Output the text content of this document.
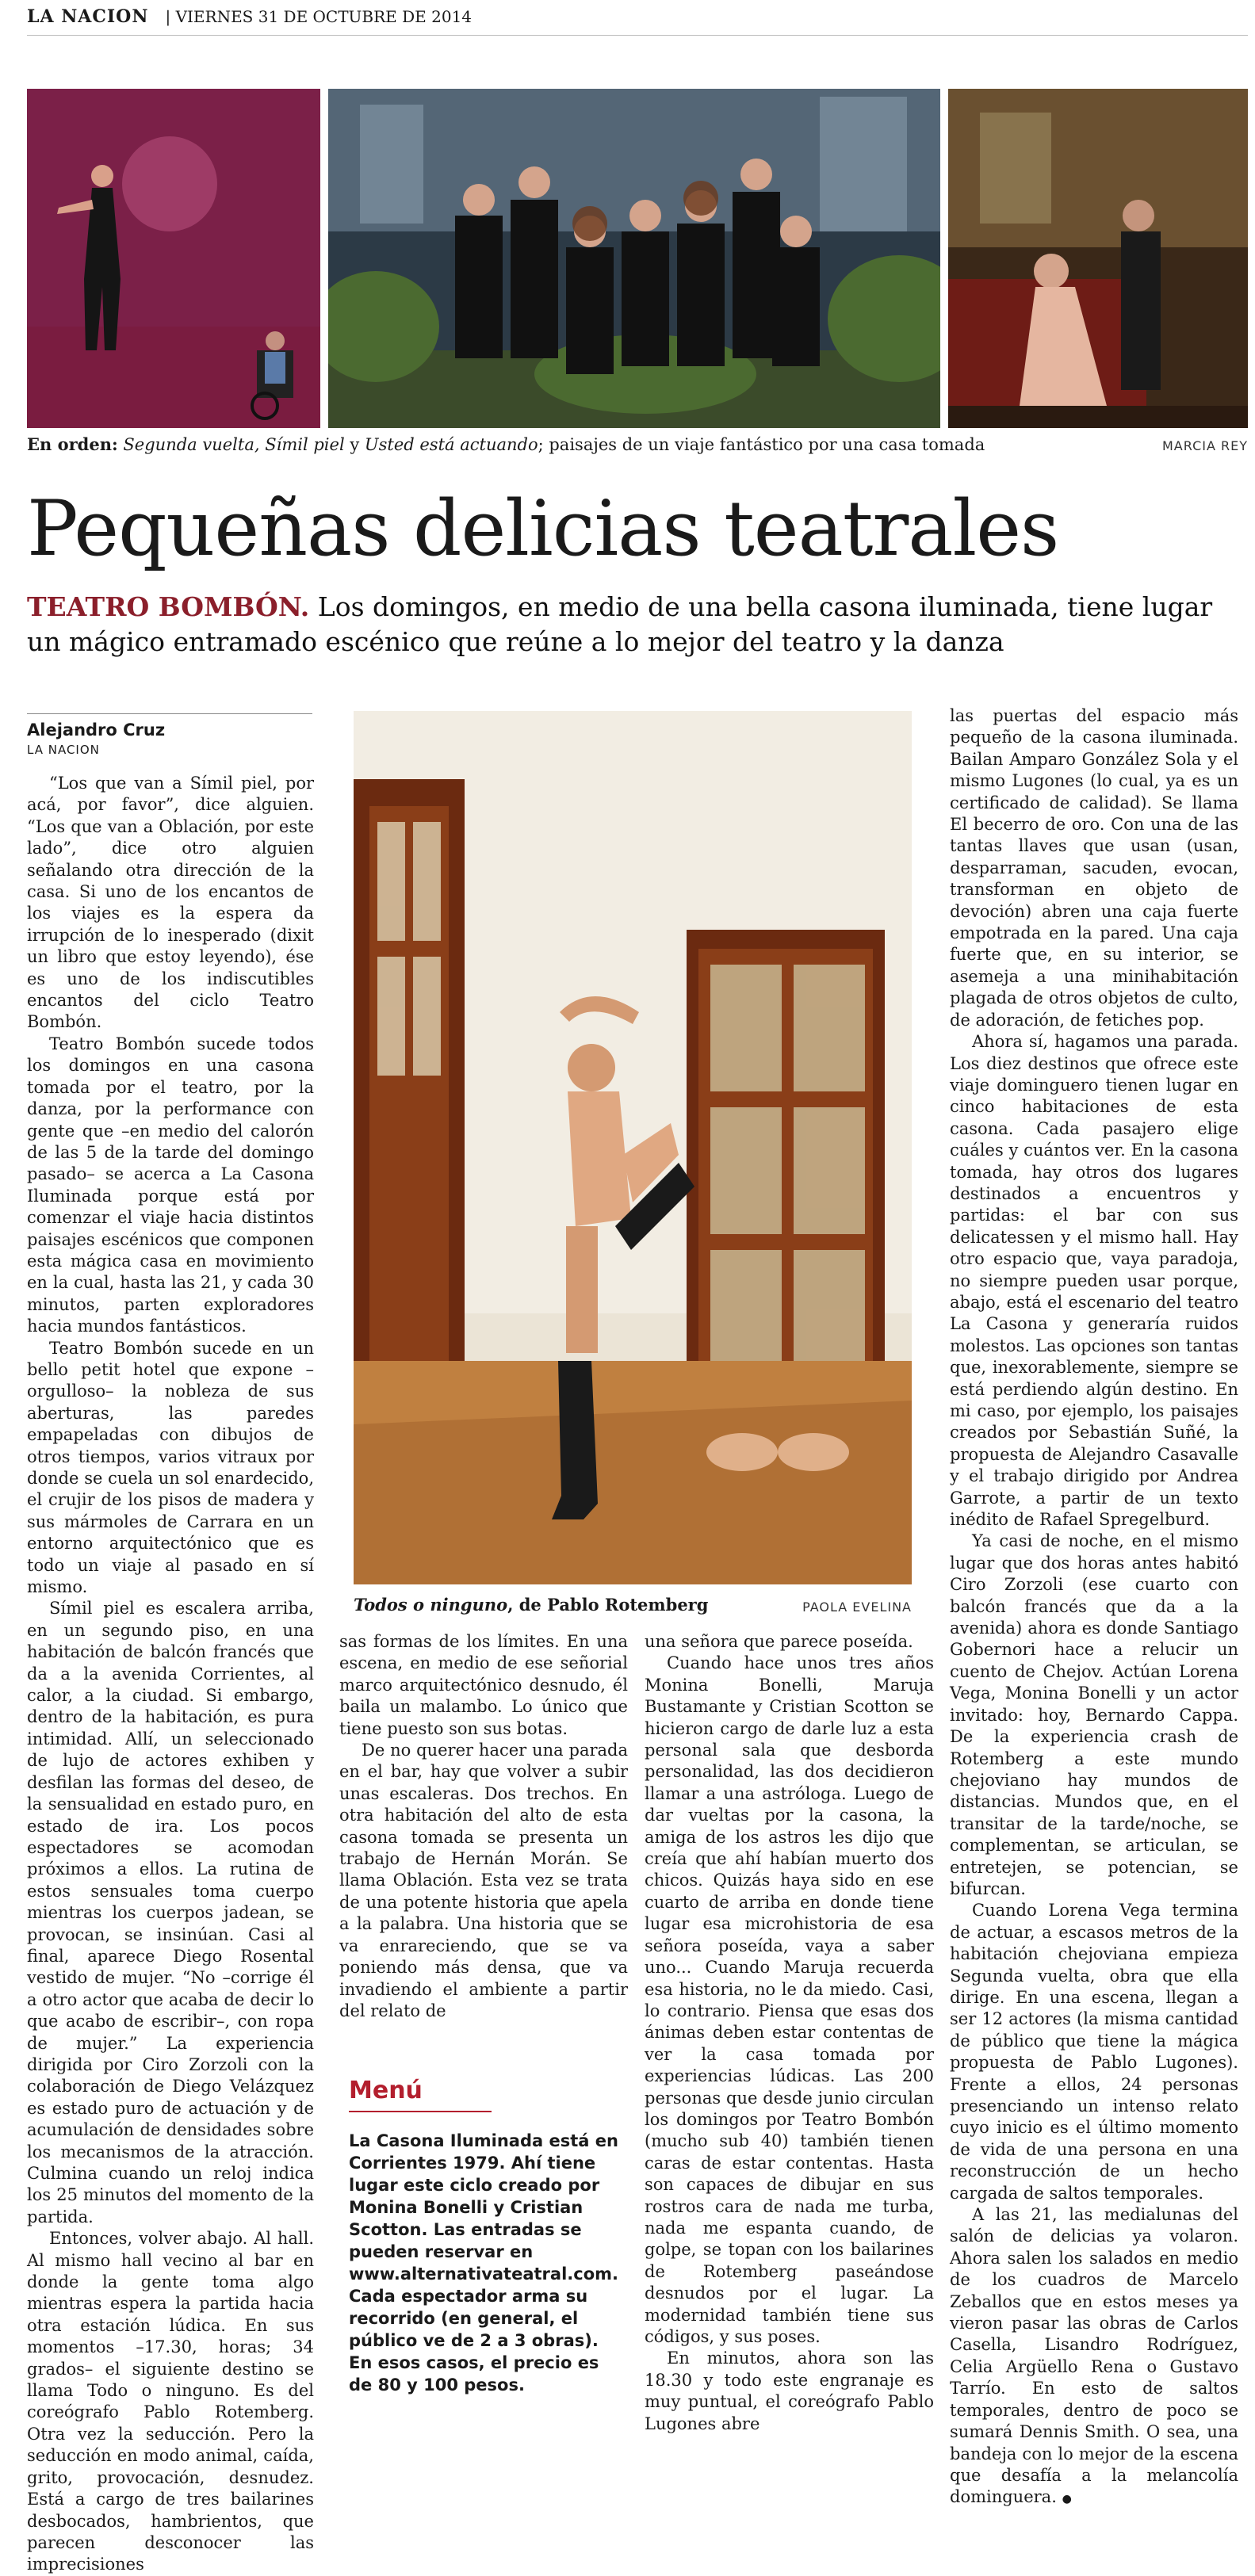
LA NACION | VIERNES 31 DE OCTUBRE DE 2014
En orden: Segunda vuelta, Símil piel y Usted está actuando; paisajes de un viaje fantástico por una casa tomada	MARCIA REY
Pequeñas delicias teatrales
TEATRO BOMBÓN. Los domingos, en medio de una bella casona iluminada, tiene lugar un mágico entramado escénico que reúne a lo mejor del teatro y la danza
Alejandro Cruz
LA NACION

“Los que van a Símil piel, por acá, por favor”, dice alguien. “Los que van a Oblación, por este lado”, dice otro alguien señalando otra dirección de la casa. Si uno de los encantos de los viajes es la espera da irrupción de lo inesperado (dixit un libro que estoy leyendo), ése es uno de los indiscutibles encantos del ciclo Teatro Bombón.

Teatro Bombón sucede todos los domingos en una casona tomada por el teatro, por la danza, por la performance con gente que –en medio del calorón de las 5 de la tarde del domingo pasado– se acerca a La Casona Iluminada porque está por comenzar el viaje hacia distintos paisajes escénicos que componen esta mágica casa en movimiento en la cual, hasta las 21, y cada 30 minutos, parten exploradores hacia mundos fantásticos.

Teatro Bombón sucede en un bello petit hotel que expone –orgulloso– la nobleza de sus aberturas, las paredes empapeladas con dibujos de otros tiempos, varios vitraux por donde se cuela un sol enardecido, el crujir de los pisos de madera y sus mármoles de Carrara en un entorno arquitectónico que es todo un viaje al pasado en sí mismo.

Símil piel es escalera arriba, en un segundo piso, en una habitación de balcón francés que da a la avenida Corrientes, al calor, a la ciudad. Si embargo, dentro de la habitación, es pura intimidad. Allí, un seleccionado de lujo de actores exhiben y desfilan las formas del deseo, de la sensualidad en estado puro, en estado de ira. Los pocos espectadores se acomodan próximos a ellos. La rutina de estos sensuales toma cuerpo mientras los cuerpos jadean, se provocan, se insinúan. Casi al final, aparece Diego Rosental vestido de mujer. “No –corrige él a otro actor que acaba de decir lo que acabo de escribir–, con ropa de mujer.” La experiencia dirigida por Ciro Zorzoli con la colaboración de Diego Velázquez es estado puro de actuación y de acumulación de densidades sobre los mecanismos de la atracción. Culmina cuando un reloj indica los 25 minutos del momento de la partida.

Entonces, volver abajo. Al hall. Al mismo hall vecino al bar en donde la gente toma algo mientras espera la partida hacia otra estación lúdica. En sus momentos –17.30, horas; 34 grados– el siguiente destino se llama Todo o ninguno. Es del coreógrafo Pablo Rotemberg. Otra vez la seducción. Pero la seducción en modo animal, caída, grito, provocación, desnudez. Está a cargo de tres bailarines desbocados, hambrientos, que parecen desconocer las imprecisiones

Todos o ninguno, de Pablo Rotemberg	PAOLA EVELINA

sas formas de los límites. En una escena, en medio de ese señorial marco arquitectónico desnudo, él baila un malambo. Lo único que tiene puesto son sus botas.

De no querer hacer una parada en el bar, hay que volver a subir unas escaleras. Dos trechos. En otra habitación del alto de esta casona tomada se presenta un trabajo de Hernán Morán. Se llama Oblación. Esta vez se trata de una potente historia que apela a la palabra. Una historia que se va enrareciendo, que se va poniendo más densa, que va invadiendo el ambiente a partir del relato de

Menú
La Casona Iluminada está en Corrientes 1979. Ahí tiene lugar este ciclo creado por Monina Bonelli y Cristian Scotton. Las entradas se pueden reservar en www.alternativateatral.com. Cada espectador arma su recorrido (en general, el público ve de 2 a 3 obras). En esos casos, el precio es de 80 y 100 pesos.

una señora que parece poseída.

Cuando hace unos tres años Monina Bonelli, Maruja Bustamante y Cristian Scotton se hicieron cargo de darle luz a esta personal sala que desborda personalidad, las dos decidieron llamar a una astróloga. Luego de dar vueltas por la casona, la amiga de los astros les dijo que creía que ahí habían muerto dos chicos. Quizás haya sido en ese cuarto de arriba en donde tiene lugar esa microhistoria de esa señora poseída, vaya a saber uno... Cuando Maruja recuerda esa historia, no le da miedo. Casi, lo contrario. Piensa que esas dos ánimas deben estar contentas de ver la casa tomada por experiencias lúdicas. Las 200 personas que desde junio circulan los domingos por Teatro Bombón (mucho sub 40) también tienen caras de estar contentas. Hasta son capaces de dibujar en sus rostros cara de nada me turba, nada me espanta cuando, de golpe, se topan con los bailarines de Rotemberg paseándose desnudos por el lugar. La modernidad también tiene sus códigos, y sus poses.

En minutos, ahora son las 18.30 y todo este engranaje es muy puntual, el coreógrafo Pablo Lugones abre

las puertas del espacio más pequeño de la casona iluminada. Bailan Amparo González Sola y el mismo Lugones (lo cual, ya es un certificado de calidad). Se llama El becerro de oro. Con una de las tantas llaves que usan (usan, desparraman, sacuden, evocan, transforman en objeto de devoción) abren una caja fuerte empotrada en la pared. Una caja fuerte que, en su interior, se asemeja a una minihabitación plagada de otros objetos de culto, de adoración, de fetiches pop.

Ahora sí, hagamos una parada. Los diez destinos que ofrece este viaje dominguero tienen lugar en cinco habitaciones de esta casona. Cada pasajero elige cuáles y cuántos ver. En la casona tomada, hay otros dos lugares destinados a encuentros y partidas: el bar con sus delicatessen y el mismo hall. Hay otro espacio que, vaya paradoja, no siempre pueden usar porque, abajo, está el escenario del teatro La Casona y generaría ruidos molestos. Las opciones son tantas que, inexorablemente, siempre se está perdiendo algún destino. En mi caso, por ejemplo, los paisajes creados por Sebastián Suñé, la propuesta de Alejandro Casavalle y el trabajo dirigido por Andrea Garrote, a partir de un texto inédito de Rafael Spregelburd.

Ya casi de noche, en el mismo lugar que dos horas antes habitó Ciro Zorzoli (ese cuarto con balcón francés que da a la avenida) ahora es donde Santiago Gobernori hace a relucir un cuento de Chejov. Actúan Lorena Vega, Monina Bonelli y un actor invitado: hoy, Bernardo Cappa. De la experiencia crash de Rotemberg a este mundo chejoviano hay mundos de distancias. Mundos que, en el transitar de la tarde/noche, se complementan, se articulan, se entretejen, se potencian, se bifurcan.

Cuando Lorena Vega termina de actuar, a escasos metros de la habitación chejoviana empieza Segunda vuelta, obra que ella dirige. En una escena, llegan a ser 12 actores (la misma cantidad de público que tiene la mágica propuesta de Pablo Lugones). Frente a ellos, 24 personas presenciando un intenso relato cuyo inicio es el último momento de vida de una persona en una reconstrucción de un hecho cargada de saltos temporales.

A las 21, las medialunas del salón de delicias ya volaron. Ahora salen los salados en medio de los cuadros de Marcelo Zeballos que en estos meses ya vieron pasar las obras de Carlos Casella, Lisandro Rodríguez, Celia Argüello Rena o Gustavo Tarrío. En esto de saltos temporales, dentro de poco se sumará Dennis Smith. O sea, una bandeja con lo mejor de la escena que desafía a la melancolía dominguera. ●
